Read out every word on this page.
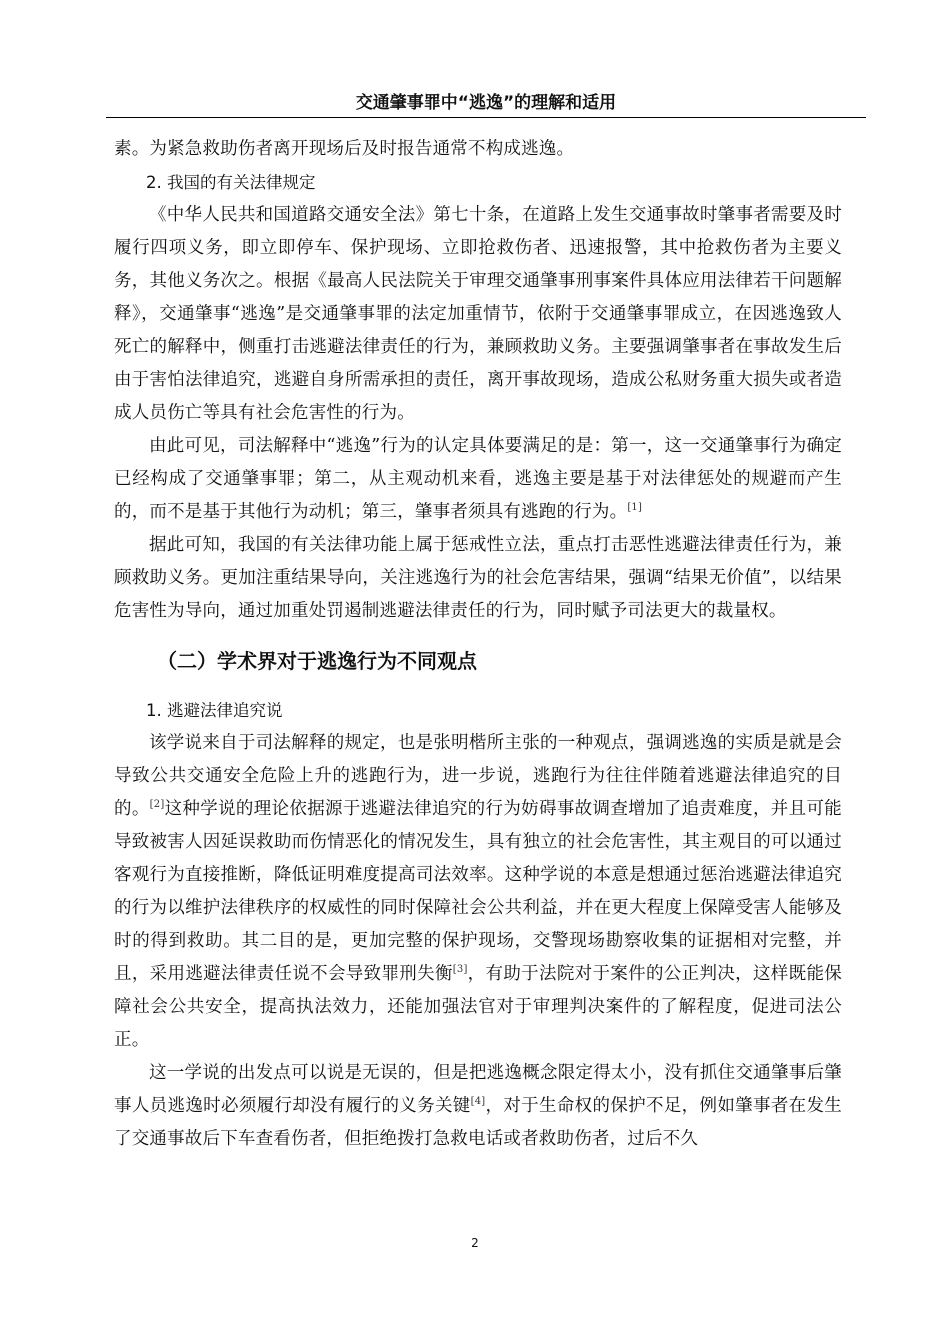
交通肇事罪中“逃逸”的理解和适用

素。为紧急救助伤者离开现场后及时报告通常不构成逃逸。

2. 我国的有关法律规定

《中华人民共和国道路交通安全法》第七十条，在道路上发生交通事故时肇事者需要及时履行四项义务，即立即停车、保护现场、立即抢救伤者、迅速报警，其中抢救伤者为主要义务，其他义务次之。根据《最高人民法院关于审理交通肇事刑事案件具体应用法律若干问题解释》，交通肇事“逃逸”是交通肇事罪的法定加重情节，依附于交通肇事罪成立，在因逃逸致人死亡的解释中，侧重打击逃避法律责任的行为，兼顾救助义务。主要强调肇事者在事故发生后由于害怕法律追究，逃避自身所需承担的责任，离开事故现场，造成公私财务重大损失或者造成人员伤亡等具有社会危害性的行为。

由此可见，司法解释中“逃逸”行为的认定具体要满足的是：第一，这一交通肇事行为确定已经构成了交通肇事罪；第二，从主观动机来看，逃逸主要是基于对法律惩处的规避而产生的，而不是基于其他行为动机；第三，肇事者须具有逃跑的行为。[1]

据此可知，我国的有关法律功能上属于惩戒性立法，重点打击恶性逃避法律责任行为，兼顾救助义务。更加注重结果导向，关注逃逸行为的社会危害结果，强调“结果无价值”，以结果危害性为导向，通过加重处罚遏制逃避法律责任的行为，同时赋予司法更大的裁量权。

（二）学术界对于逃逸行为不同观点

1. 逃避法律追究说

该学说来自于司法解释的规定，也是张明楷所主张的一种观点，强调逃逸的实质是就是会导致公共交通安全危险上升的逃跑行为，进一步说，逃跑行为往往伴随着逃避法律追究的目的。[2]这种学说的理论依据源于逃避法律追究的行为妨碍事故调查增加了追责难度，并且可能导致被害人因延误救助而伤情恶化的情况发生，具有独立的社会危害性，其主观目的可以通过客观行为直接推断，降低证明难度提高司法效率。这种学说的本意是想通过惩治逃避法律追究的行为以维护法律秩序的权威性的同时保障社会公共利益，并在更大程度上保障受害人能够及时的得到救助。其二目的是，更加完整的保护现场，交警现场勘察收集的证据相对完整，并且，采用逃避法律责任说不会导致罪刑失衡[3]，有助于法院对于案件的公正判决，这样既能保障社会公共安全，提高执法效力，还能加强法官对于审理判决案件的了解程度，促进司法公正。

这一学说的出发点可以说是无误的，但是把逃逸概念限定得太小，没有抓住交通肇事后肇事人员逃逸时必须履行却没有履行的义务关键[4]，对于生命权的保护不足，例如肇事者在发生了交通事故后下车查看伤者，但拒绝拨打急救电话或者救助伤者，过后不久

2
